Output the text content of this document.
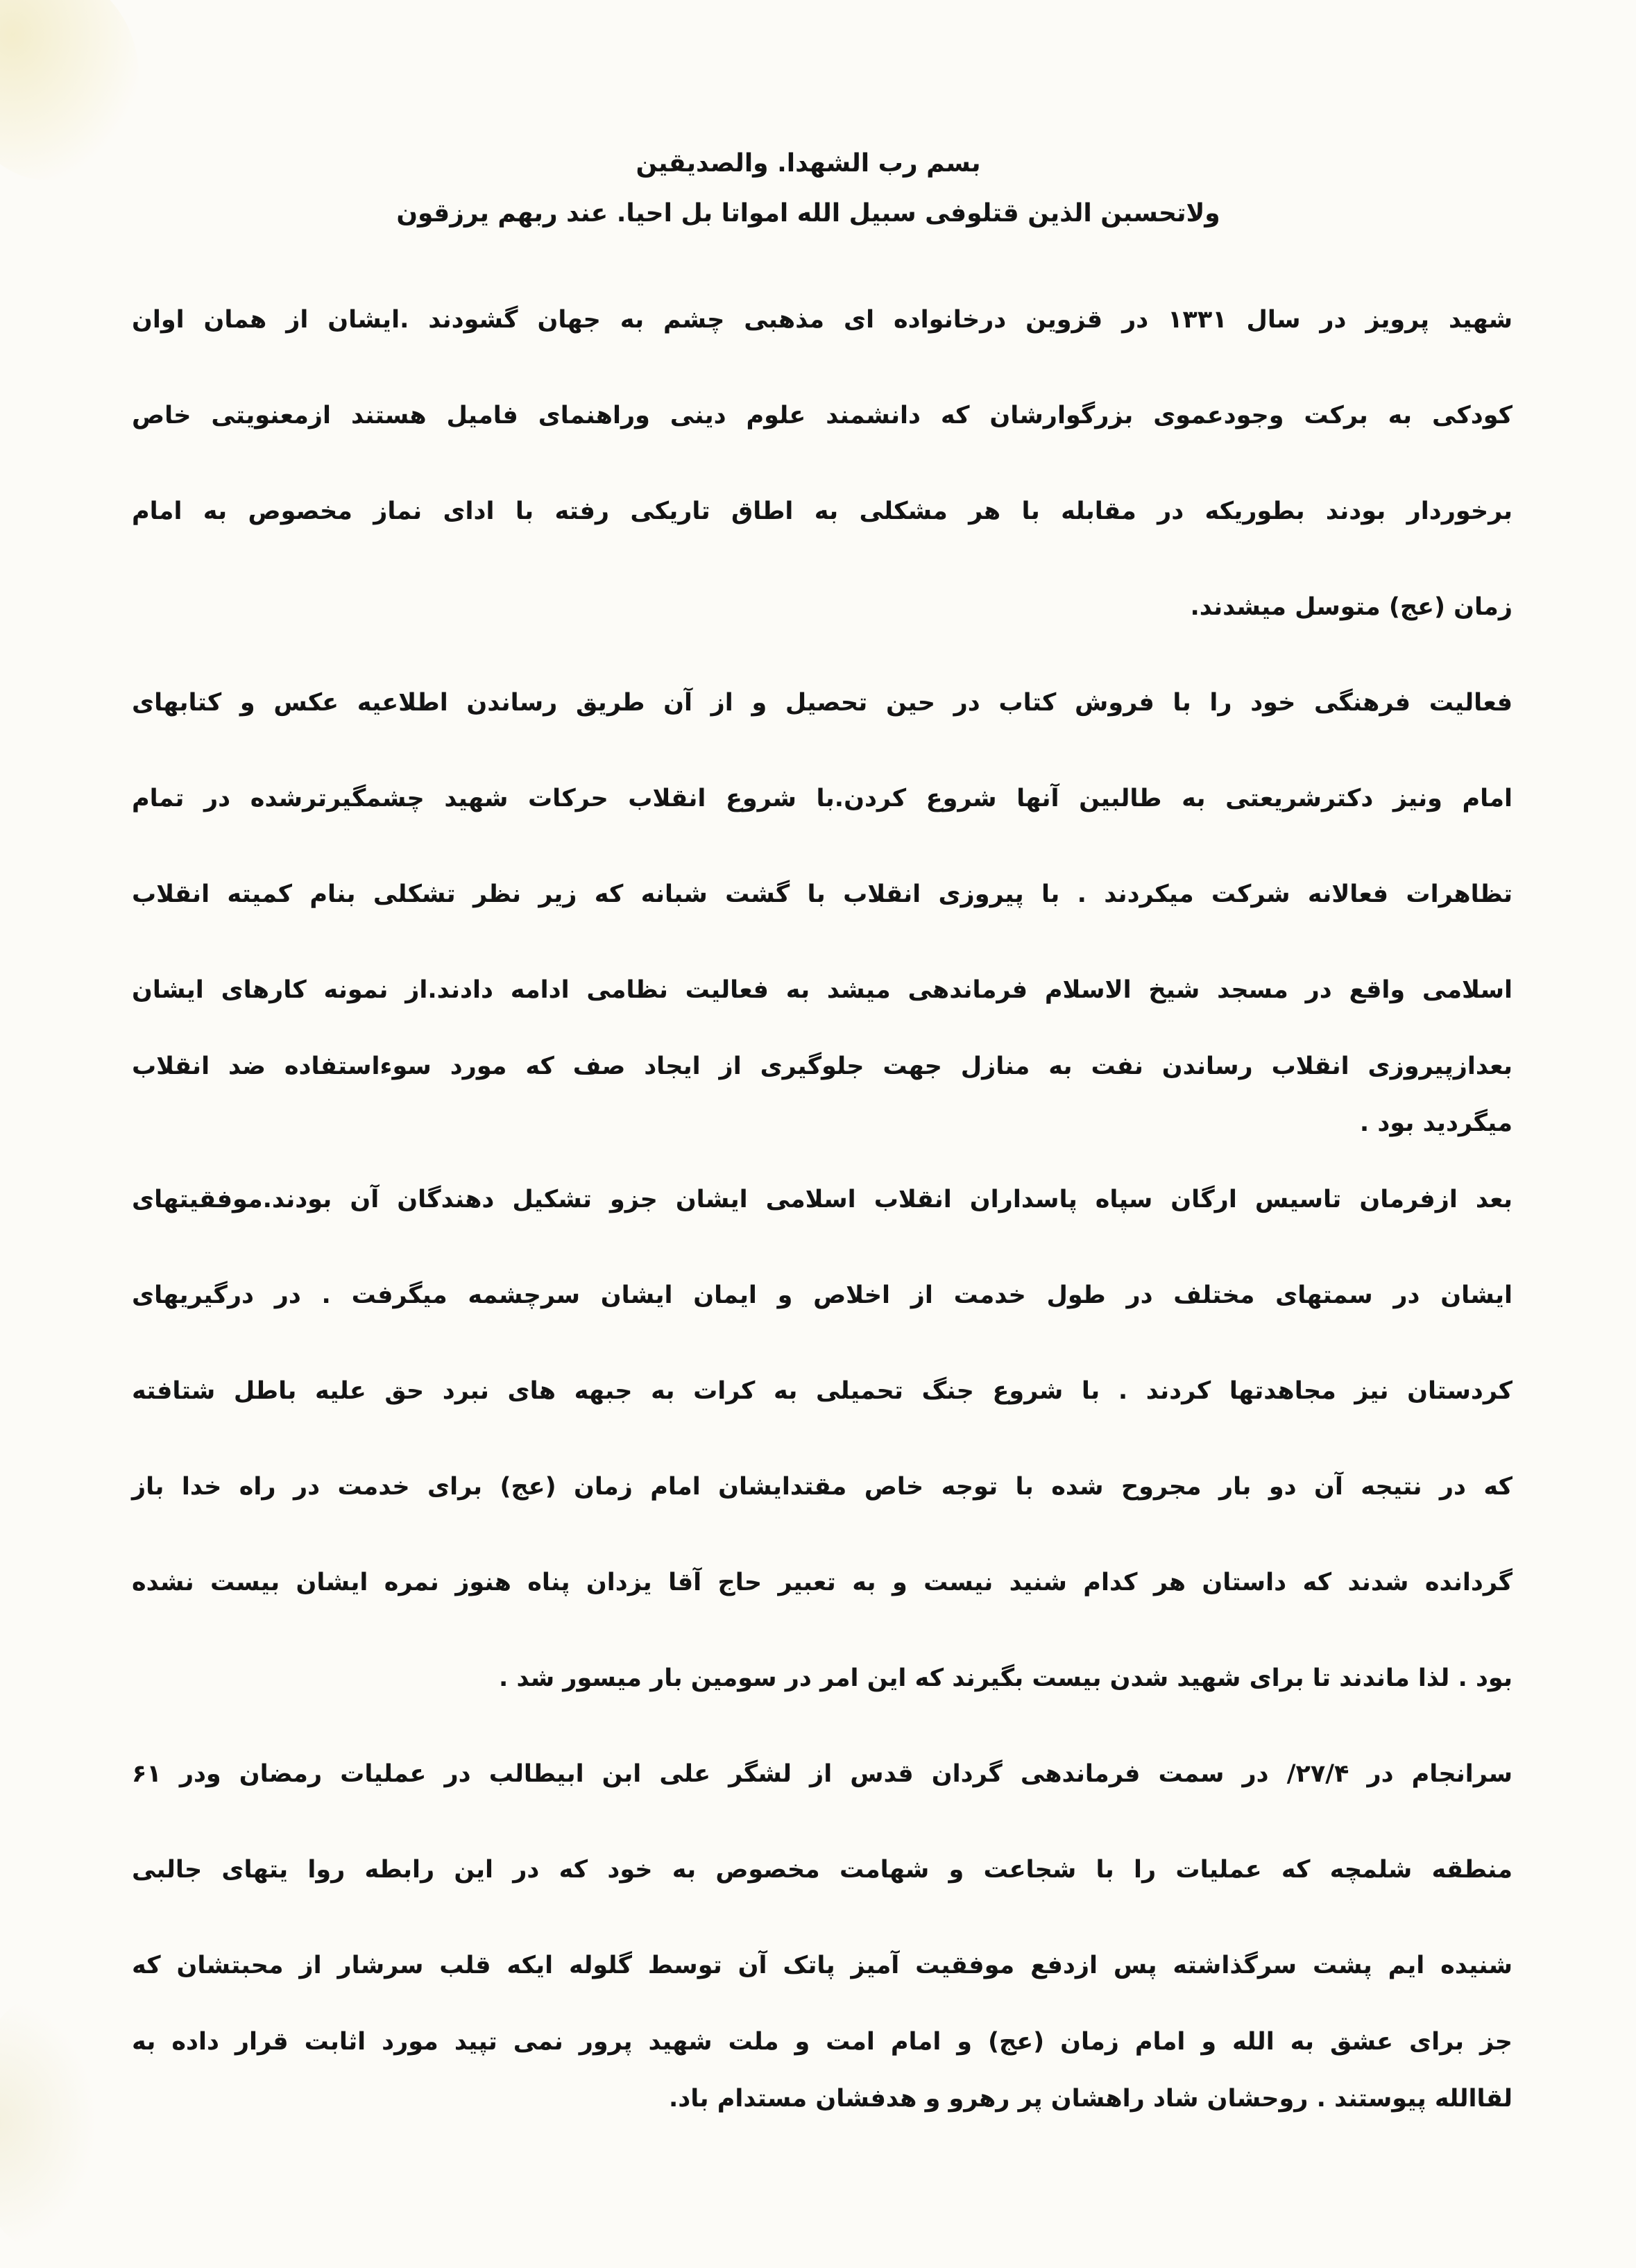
بسم رب الشهدا. والصدیقین

ولاتحسبن الذین قتلوفی سبیل الله امواتا بل احیا. عند ربهم یرزقون

شهید پرویز در سال ۱۳۳۱ در قزوین درخانواده ای مذهبی چشم به جهان گشودند .ایشان از همان اوان

کودکی به برکت وجودعموی بزرگوارشان که دانشمند علوم دینی وراهنمای فامیل هستند ازمعنویتی خاص

برخوردار بودند بطوریکه در مقابله با هر مشکلی به اطاق تاریکی رفته با ادای نماز مخصوص به امام

زمان (عج) متوسل میشدند.

فعالیت فرهنگی خود را با فروش کتاب در حین تحصیل و از آن طریق رساندن اطلاعیه عکس و کتابهای

امام ونیز دکترشریعتی به طالبین آنها شروع کردن.با شروع انقلاب حرکات شهید چشمگیرترشده در تمام

تظاهرات فعالانه شرکت میکردند . با پیروزی انقلاب با گشت شبانه که زیر نظر تشکلی بنام کمیته انقلاب

اسلامی واقع در مسجد شیخ الاسلام فرماندهی میشد به فعالیت نظامی ادامه دادند.از نمونه کارهای ایشان

بعدازپیروزی انقلاب رساندن نفت به منازل جهت جلوگیری از ایجاد صف که مورد سوءاستفاده ضد انقلاب

میگردید بود .

بعد ازفرمان تاسیس ارگان سپاه پاسداران انقلاب اسلامی ایشان جزو تشکیل دهندگان آن بودند.موفقیتهای

ایشان در سمتهای مختلف در طول خدمت از اخلاص و ایمان ایشان سرچشمه میگرفت . در درگیریهای

کردستان نیز مجاهدتها کردند . با شروع جنگ تحمیلی به کرات به جبهه های نبرد حق علیه باطل شتافته

که در نتیجه آن دو بار مجروح شده با توجه خاص مقتدایشان امام زمان (عج) برای خدمت در راه خدا باز

گردانده شدند که داستان هر کدام شنید نیست و به تعبیر حاج آقا یزدان پناه هنوز نمره ایشان بیست نشده

بود . لذا ماندند تا برای شهید شدن بیست بگیرند که این امر در سومین بار میسور شد .

سرانجام در ۲۷/۴/ در سمت فرماندهی گردان قدس از لشگر علی ابن ابیطالب در عملیات رمضان ودر ۶۱

منطقه شلمچه که عملیات را با شجاعت و شهامت مخصوص به خود که در این رابطه روا یتهای جالبی

شنیده ایم پشت سرگذاشته پس ازدفع موفقیت آمیز پاتک آن توسط گلوله ایکه قلب سرشار از محبتشان که

جز برای عشق به الله و امام زمان (عج) و امام امت و ملت شهید پرور نمی تپید مورد اثابت قرار داده به

لقاالله پیوستند . روحشان شاد راهشان پر رهرو و هدفشان مستدام باد.
